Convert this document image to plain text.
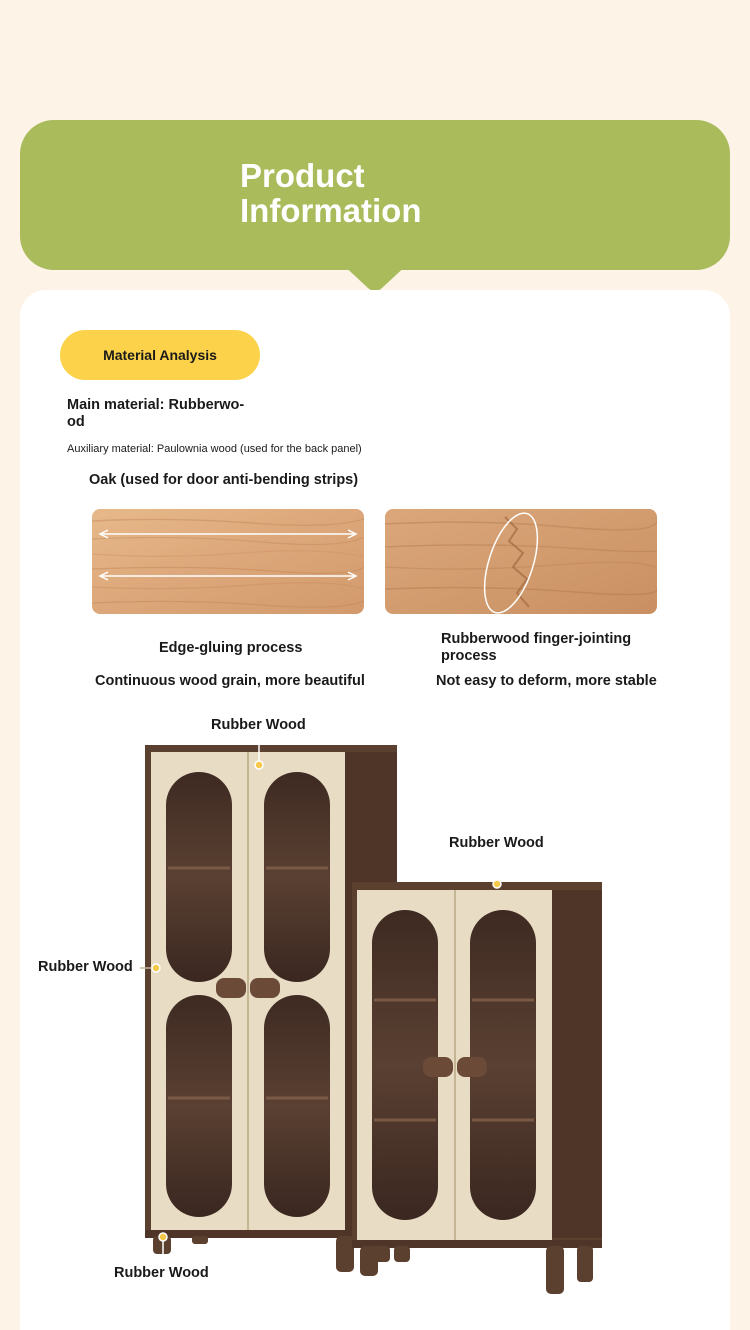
Product Information
Material Analysis
Main material: Rubberwo-od
Auxiliary material: Paulownia wood (used for the back panel)
Oak (used for door anti-bending strips)
Edge-gluing process
Continuous wood grain, more beautiful
Rubberwood finger-jointing process
Not easy to deform, more stable
Rubber Wood
Rubber Wood
Rubber Wood
Rubber Wood
